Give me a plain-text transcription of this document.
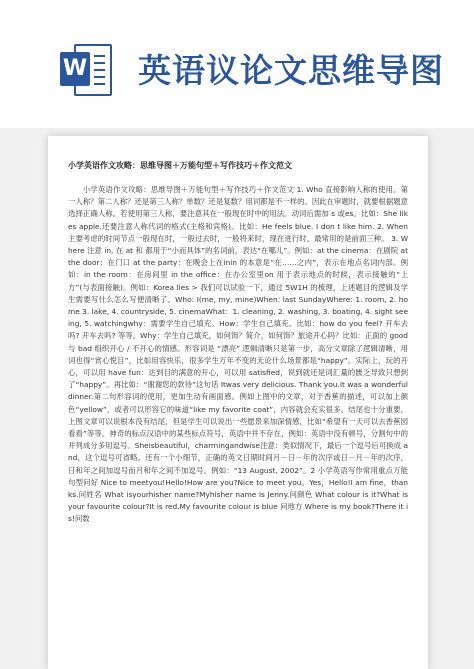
W 英语议论文思维导图
小学英语作文攻略：思维导图＋万能句型＋写作技巧＋作文范文
小学英语作文攻略：思维导图＋万能句型＋写作技巧＋作文范文 1. Who 直接影响人称的使用。第一人称？第二人称？还是第三人称？单数？还是复数？用词都是不一样的。因此在审题时，就要根据题意选择正确人称。若使用第三人称，要注意其在一般现在时中的用法。动词后需加 s 或es。比如：She likes apple.还要注意人称代词的格式(主格和宾格)。比如：He feels blue. I don t like him. 2. When 主要考虑的时间节点一般现在时，一般过去时，一般将来时，现在进行时，最常用的是前面三种。 3. Where 注意 in, 在 at 和 都用于“小而具体”的名词前，表达“在哪儿”。例如：at the cinema：在剧院 at the door：在门口 at the party：在晚会上在inin 的本意是“在……之内”，表示在地点名词内部。例如：in the room：在房间里 in the office：在办公室里on 用于表示地点的时候，表示接触的“上方”(与表面接触)。例如：Korea lies > 我们可以试验一下，通过 5W1H 的梳理，上述题目的逻辑及学生需要写什么怎么写便清晰了。Who: I(me, my, mine)When: last SundayWhere: 1. room, 2. home 3. lake, 4. countryside, 5. cinemaWhat：1. cleaning, 2. washing, 3. boating, 4. sight seeing, 5. watchingwhy：需要学生自己填充。How：学生自己填充。比如：how do you feel? 开车去吗? 开车去吗? 等等。Why：学生自己填充，如何饰？简介，如何饰？旅途开心吗？比如：正面的 good 与 bad 组织开心 / 不开心的情感。形容词是 “漂亮” 逻辑清晰只是第一步，高分文章除了逻辑清晰，用词也得“赏心悦目”，比如用容快乐，很多学生万年不变的无论什么场景都是“happy”。实际上，玩的开心，可以用 have fun：达到目的满意的开心，可以用 satisfied，说到就还是词汇量的匮乏导致只想到了“happy”。再比如：“谢谢您的款待”这句话 Itwas very delicious. Thank you.It was a wonderful dinner.第二句形容词的使用，更加生动有画面感。例如上图中的文章，对于香蕉的描述，可以加上颜色“yellow”，或者可以形容它的味道“like my favorite coat”，内容就会充实很多。结尾也十分重要，上图文章可以说根本没有结尾，但是学生可以说出一些愿景来加深情感，比如“希望有一天可以去香蕉园看看”等等。神奇的标点汉语中的某些标点符号，英语中并不存在，例如：英语中没有顿号，分割句中的并列成分多用逗号。Sheisbeautiful，charmingandwise注意：类似情况下，最后一个逗号后可换成 and，这个逗号可省略。还有一个小细节，正确的英文日期时间月－日－年的次序或日－月－年的次序，日和年之间加逗号而月和年之间不加逗号。例如：“13 August, 2002”。2 小学英语写作常用重点万能句型问好 Nice to meetyou!Hello!How are you?Nice to meet you。Yes，Hello!I am fine，thanks.问姓名 What isyourhisher name?Myhisher name is Jenny.问颜色 What colour is it?What is your favourite colour?It is red.My favourite colour is blue 问地方 Where is my book?There it is!问数
